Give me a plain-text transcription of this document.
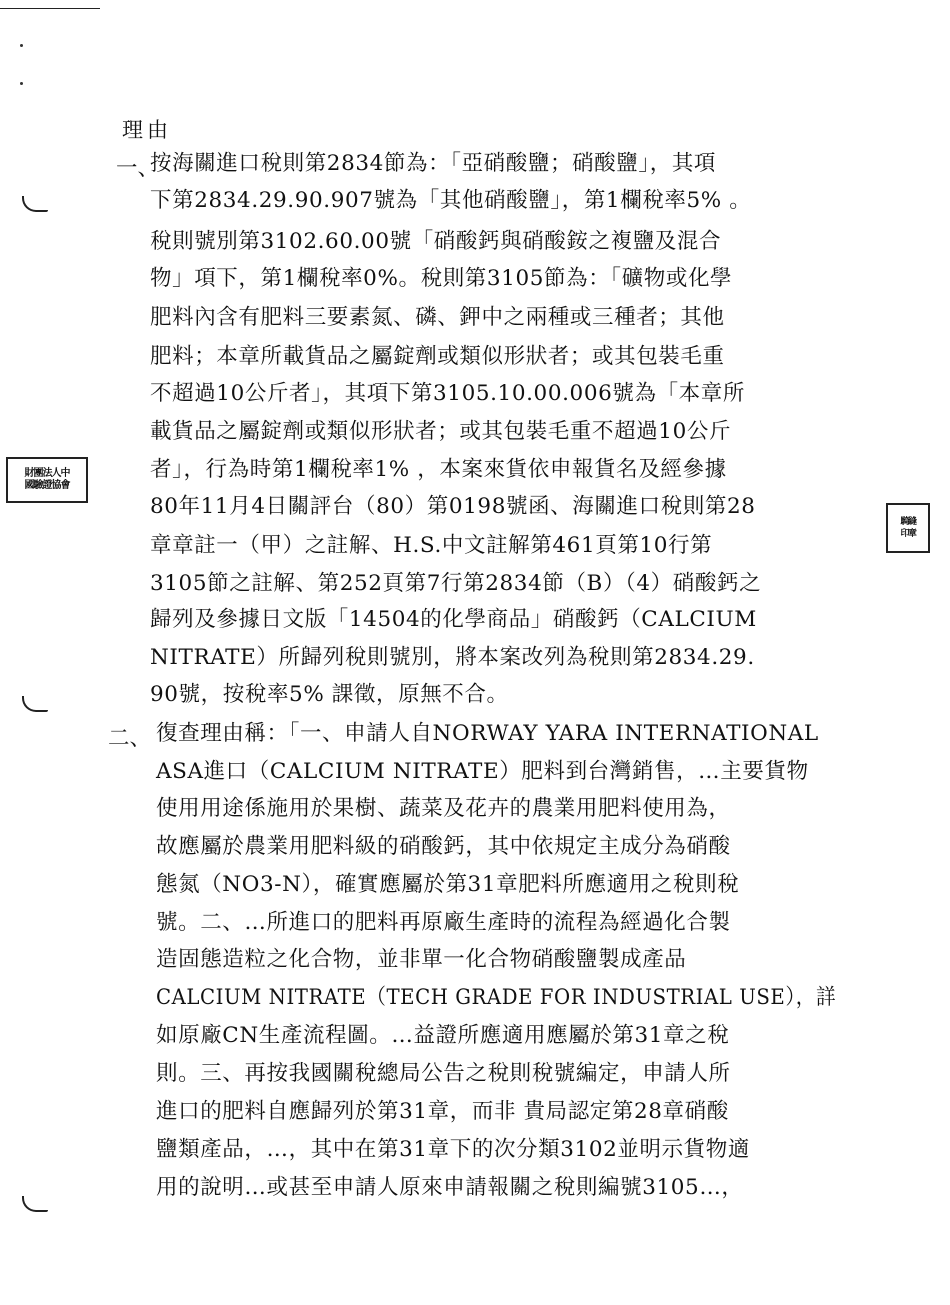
理由
財團法人中
國驗證協會
騎縫
印章
一、
按海關進口稅則第2834節為：「亞硝酸鹽；硝酸鹽」，其項
下第2834.29.90.907號為「其他硝酸鹽」，第1欄稅率5% 。
稅則號別第3102.60.00號「硝酸鈣與硝酸銨之複鹽及混合
物」項下，第1欄稅率0%。稅則第3105節為：「礦物或化學
肥料內含有肥料三要素氮、磷、鉀中之兩種或三種者；其他
肥料；本章所載貨品之屬錠劑或類似形狀者；或其包裝毛重
不超過10公斤者」，其項下第3105.10.00.006號為「本章所
載貨品之屬錠劑或類似形狀者；或其包裝毛重不超過10公斤
者」，行為時第1欄稅率1% ，本案來貨依申報貨名及經參據
80年11月4日關評台（80）第0198號函、海關進口稅則第28
章章註一（甲）之註解、H.S.中文註解第461頁第10行第
3105節之註解、第252頁第7行第2834節（B）（4）硝酸鈣之
歸列及參據日文版「14504的化學商品」硝酸鈣（CALCIUM
NITRATE）所歸列稅則號別，將本案改列為稅則第2834.29.
90號，按稅率5% 課徵，原無不合。
二、 復查理由稱：「一、申請人自NORWAY YARA INTERNATIONAL
ASA進口（CALCIUM NITRATE）肥料到台灣銷售，…主要貨物
使用用途係施用於果樹、蔬菜及花卉的農業用肥料使用為，
故應屬於農業用肥料級的硝酸鈣，其中依規定主成分為硝酸
態氮（NO3-N），確實應屬於第31章肥料所應適用之稅則稅
號。二、…所進口的肥料再原廠生產時的流程為經過化合製
造固態造粒之化合物，並非單一化合物硝酸鹽製成產品
CALCIUM NITRATE（TECH GRADE FOR INDUSTRIAL USE），詳
如原廠CN生產流程圖。…益證所應適用應屬於第31章之稅
則。三、再按我國關稅總局公告之稅則稅號編定，申請人所
進口的肥料自應歸列於第31章，而非 貴局認定第28章硝酸
鹽類產品，…，其中在第31章下的次分類3102並明示貨物適
用的說明…或甚至申請人原來申請報關之稅則編號3105…，
